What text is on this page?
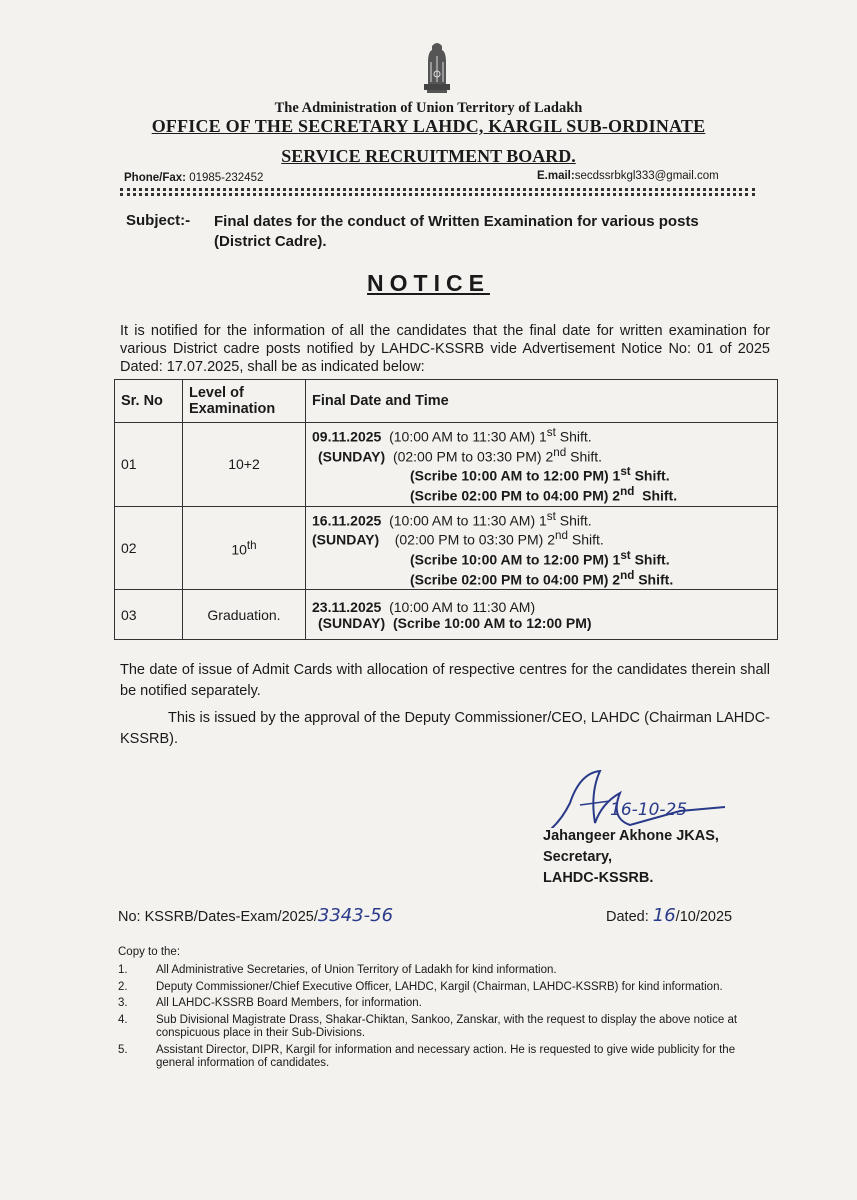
The Administration of Union Territory of Ladakh
OFFICE OF THE SECRETARY LAHDC, KARGIL SUB-ORDINATE
SERVICE RECRUITMENT BOARD.
Phone/Fax: 01985-232452	E.mail:secdssrbkgl333@gmail.com
Subject:- Final dates for the conduct of Written Examination for various posts (District Cadre).
NOTICE
It is notified for the information of all the candidates that the final date for written examination for various District cadre posts notified by LAHDC-KSSRB vide Advertisement Notice No: 01 of 2025 Dated: 17.07.2025, shall be as indicated below:
Sr. No	Level of Examination	Final Date and Time
01	10+2	09.11.2025 (10:00 AM to 11:30 AM) 1st Shift.
(SUNDAY) (02:00 PM to 03:30 PM) 2nd Shift.
(Scribe 10:00 AM to 12:00 PM) 1st Shift.
(Scribe 02:00 PM to 04:00 PM) 2nd Shift.

02	10th	16.11.2025 (10:00 AM to 11:30 AM) 1st Shift.
(SUNDAY) (02:00 PM to 03:30 PM) 2nd Shift.
(Scribe 10:00 AM to 12:00 PM) 1st Shift.
(Scribe 02:00 PM to 04:00 PM) 2nd Shift.

03	Graduation.	23.11.2025 (10:00 AM to 11:30 AM)
(SUNDAY) (Scribe 10:00 AM to 12:00 PM)
The date of issue of Admit Cards with allocation of respective centres for the candidates therein shall be notified separately.
This is issued by the approval of the Deputy Commissioner/CEO, LAHDC (Chairman LAHDC-KSSRB).
16-10-25
Jahangeer Akhone JKAS,
Secretary,
LAHDC-KSSRB.
No: KSSRB/Dates-Exam/2025/3343-56	Dated: 16/10/2025
Copy to the:
1.	All Administrative Secretaries, of Union Territory of Ladakh for kind information.
2.	Deputy Commissioner/Chief Executive Officer, LAHDC, Kargil (Chairman, LAHDC-KSSRB) for kind information.
3.	All LAHDC-KSSRB Board Members, for information.
4.	Sub Divisional Magistrate Drass, Shakar-Chiktan, Sankoo, Zanskar, with the request to display the above notice at conspicuous place in their Sub-Divisions.
5.	Assistant Director, DIPR, Kargil for information and necessary action. He is requested to give wide publicity for the general information of candidates.
